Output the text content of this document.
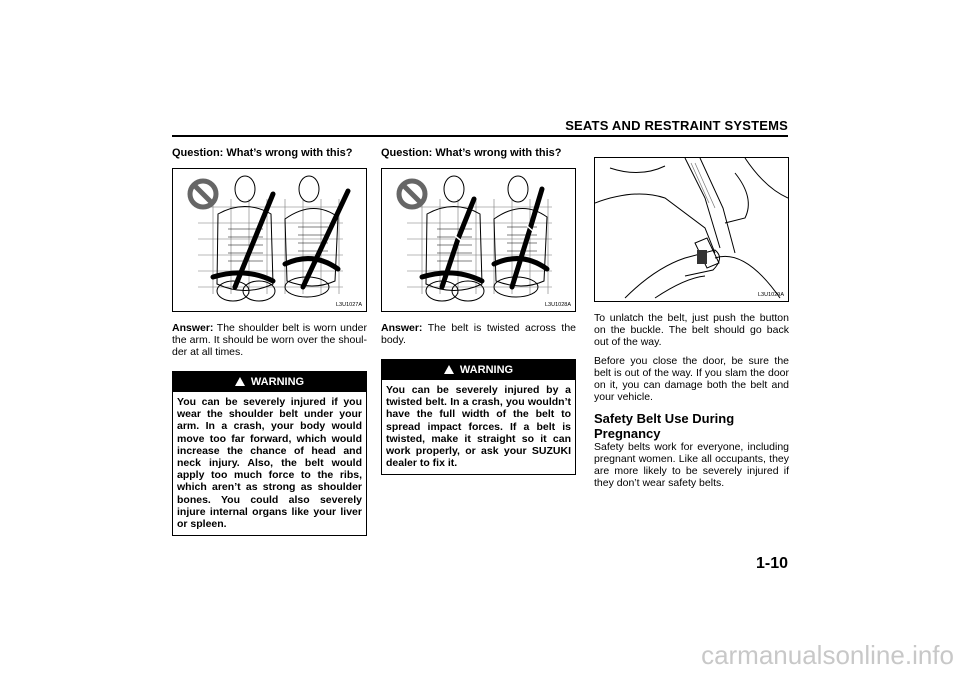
SEATS AND RESTRAINT SYSTEMS

Question: What’s wrong with this?

L3U1027A

Answer: The shoulder belt is worn under the arm. It should be worn over the shoul-der at all times.

WARNING
You can be severely injured if you wear the shoulder belt under your arm. In a crash, your body would move too far forward, which would increase the chance of head and neck injury. Also, the belt would apply too much force to the ribs, which aren’t as strong as shoulder bones. You could also severely injure internal organs like your liver or spleen.

Question: What’s wrong with this?

L3U1028A

Answer: The belt is twisted across the body.

WARNING
You can be severely injured by a twisted belt. In a crash, you wouldn’t have the full width of the belt to spread impact forces. If a belt is twisted, make it straight so it can work properly, or ask your SUZUKI dealer to fix it.
L3U1029A

To unlatch the belt, just push the button on the buckle. The belt should go back out of the way.

Before you close the door, be sure the belt is out of the way. If you slam the door on it, you can damage both the belt and your vehicle.

Safety Belt Use During Pregnancy

Safety belts work for everyone, including pregnant women. Like all occupants, they are more likely to be severely injured if they don’t wear safety belts.

1-10
carmanualsonline.info
